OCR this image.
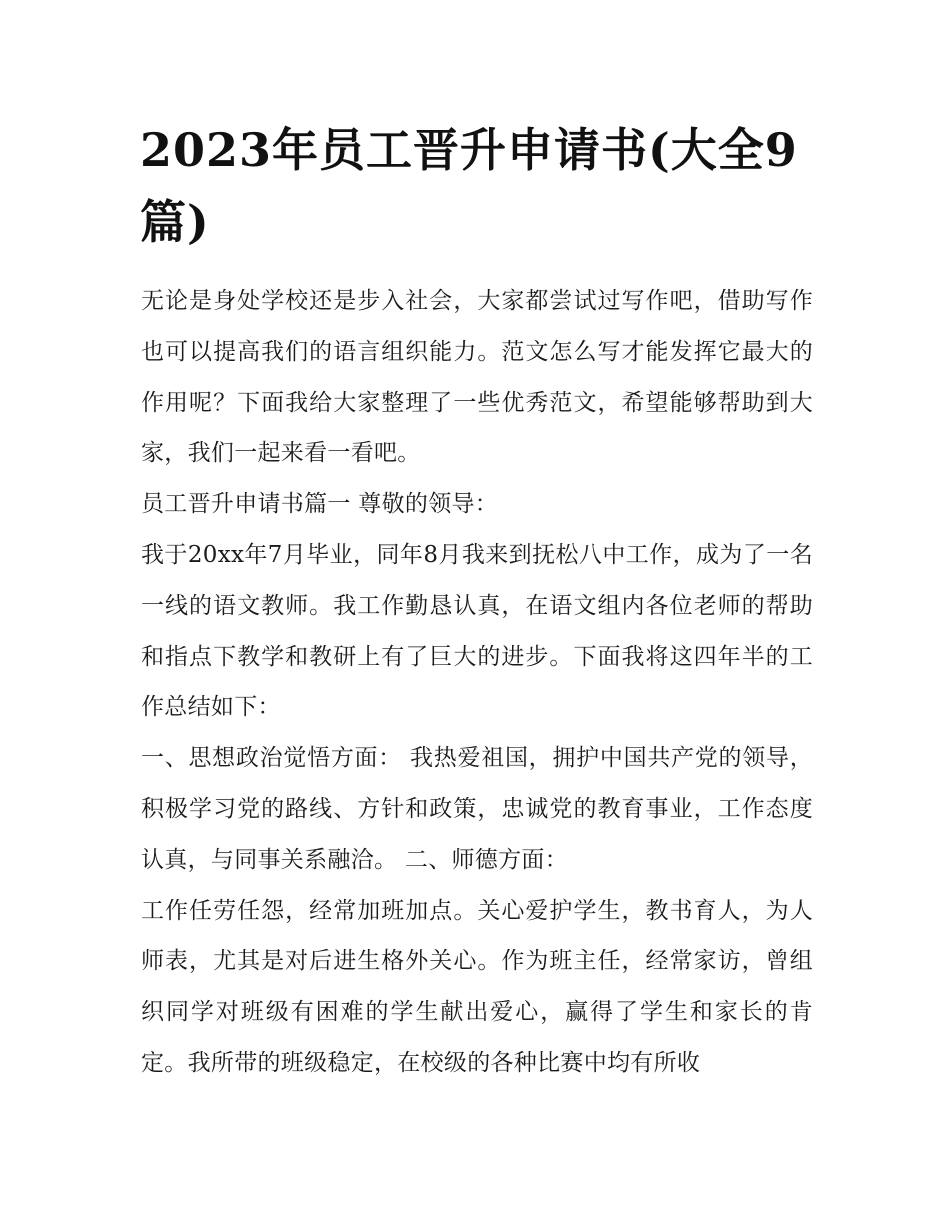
2023年员工晋升申请书(大全9篇)

无论是身处学校还是步入社会，大家都尝试过写作吧，借助写作也可以提高我们的语言组织能力。范文怎么写才能发挥它最大的作用呢？下面我给大家整理了一些优秀范文，希望能够帮助到大家，我们一起来看一看吧。

员工晋升申请书篇一 尊敬的领导：

我于20xx年7月毕业，同年8月我来到抚松八中工作，成为了一名一线的语文教师。我工作勤恳认真，在语文组内各位老师的帮助和指点下教学和教研上有了巨大的进步。下面我将这四年半的工作总结如下：

一、思想政治觉悟方面： 我热爱祖国，拥护中国共产党的领导，积极学习党的路线、方针和政策，忠诚党的教育事业，工作态度认真，与同事关系融洽。 二、师德方面：

工作任劳任怨，经常加班加点。关心爱护学生，教书育人，为人师表，尤其是对后进生格外关心。作为班主任，经常家访，曾组织同学对班级有困难的学生献出爱心，赢得了学生和家长的肯定。我所带的班级稳定，在校级的各种比赛中均有所收
